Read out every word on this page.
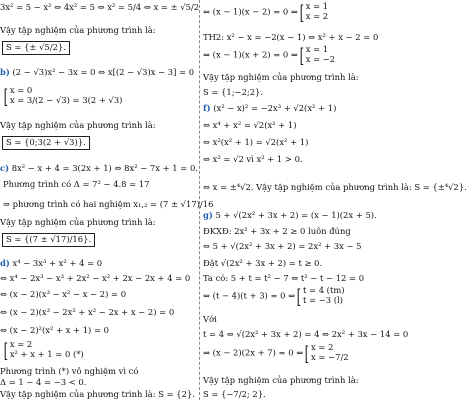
3x² = 5 − x² ⇔ 4x² = 5 ⇔ x² = 5/4 ⇔ x = ± √5/2
Vậy tập nghiệm của phương trình là:
S = {± √5/2}.
b) (2 − √3)x² − 3x = 0 ⇔ x[(2 − √3)x − 3] = 0
[ x = 0
x = 3/(2 − √3) = 3(2 + √3)
Vậy tập nghiệm của phương trình là:
S = {0;3(2 + √3)}.
c) 8x² − x + 4 = 3(2x + 1) ⇔ 8x² − 7x + 1 = 0.
Phương trình có Δ = 7² − 4.8 = 17
⇒ phương trình có hai nghiệm x₁,₂ = (7 ± √17)/16
Vậy tập nghiệm của phương trình là:
S = {(7 ± √17)/16}.
d) x⁴ − 3x³ + x² + 4 = 0
⇔ x⁴ − 2x³ − x³ + 2x² − x² + 2x − 2x + 4 = 0
⇔ (x − 2)(x³ − x² − x − 2) = 0
⇔ (x − 2)(x³ − 2x² + x² − 2x + x − 2) = 0
⇔ (x − 2)²(x² + x + 1) = 0
[ x = 2
x² + x + 1 = 0 (*)
Phương trình (*) vô nghiệm vì có
Δ = 1 − 4 = −3 < 0.
Vậy tập nghiệm của phương trình là: S = {2}.
⇔ (x − 1)(x − 2) = 0 ⇔[ x = 1
x = 2
TH2: x² − x = −2(x − 1) ⇔ x² + x − 2 = 0
⇔ (x − 1)(x + 2) = 0 ⇔[ x = 1
x = −2
Vậy tập nghiệm của phương trình là:
S = {1;−2;2}.
f) (x² − x)² = −2x³ + √2(x² + 1)
⇔ x⁴ + x² = √2(x² + 1)
⇔ x²(x² + 1) = √2(x² + 1)
⇔ x² = √2 vì x² + 1 > 0.
⇔ x = ±⁴√2. Vậy tập nghiệm của phương trình là: S = {±⁴√2}.
g) 5 + √(2x² + 3x + 2) = (x − 1)(2x + 5).
ĐKXĐ: 2x² + 3x + 2 ≥ 0 luôn đúng
⇔ 5 + √(2x² + 3x + 2) = 2x² + 3x − 5
Đặt √(2x² + 3x + 2) = t ≥ 0.
Ta có: 5 + t = t² − 7 ⇔ t² − t − 12 = 0
⇔ (t − 4)(t + 3) = 0 ⇔[ t = 4 (tm)
t = −3 (l)
Với
t = 4 ⇔ √(2x² + 3x + 2) = 4 ⇔ 2x² + 3x − 14 = 0
⇔ (x − 2)(2x + 7) = 0 ⇔[ x = 2
x = −7/2
Vậy tập nghiệm của phương trình là:
S = {−7/2; 2}.
